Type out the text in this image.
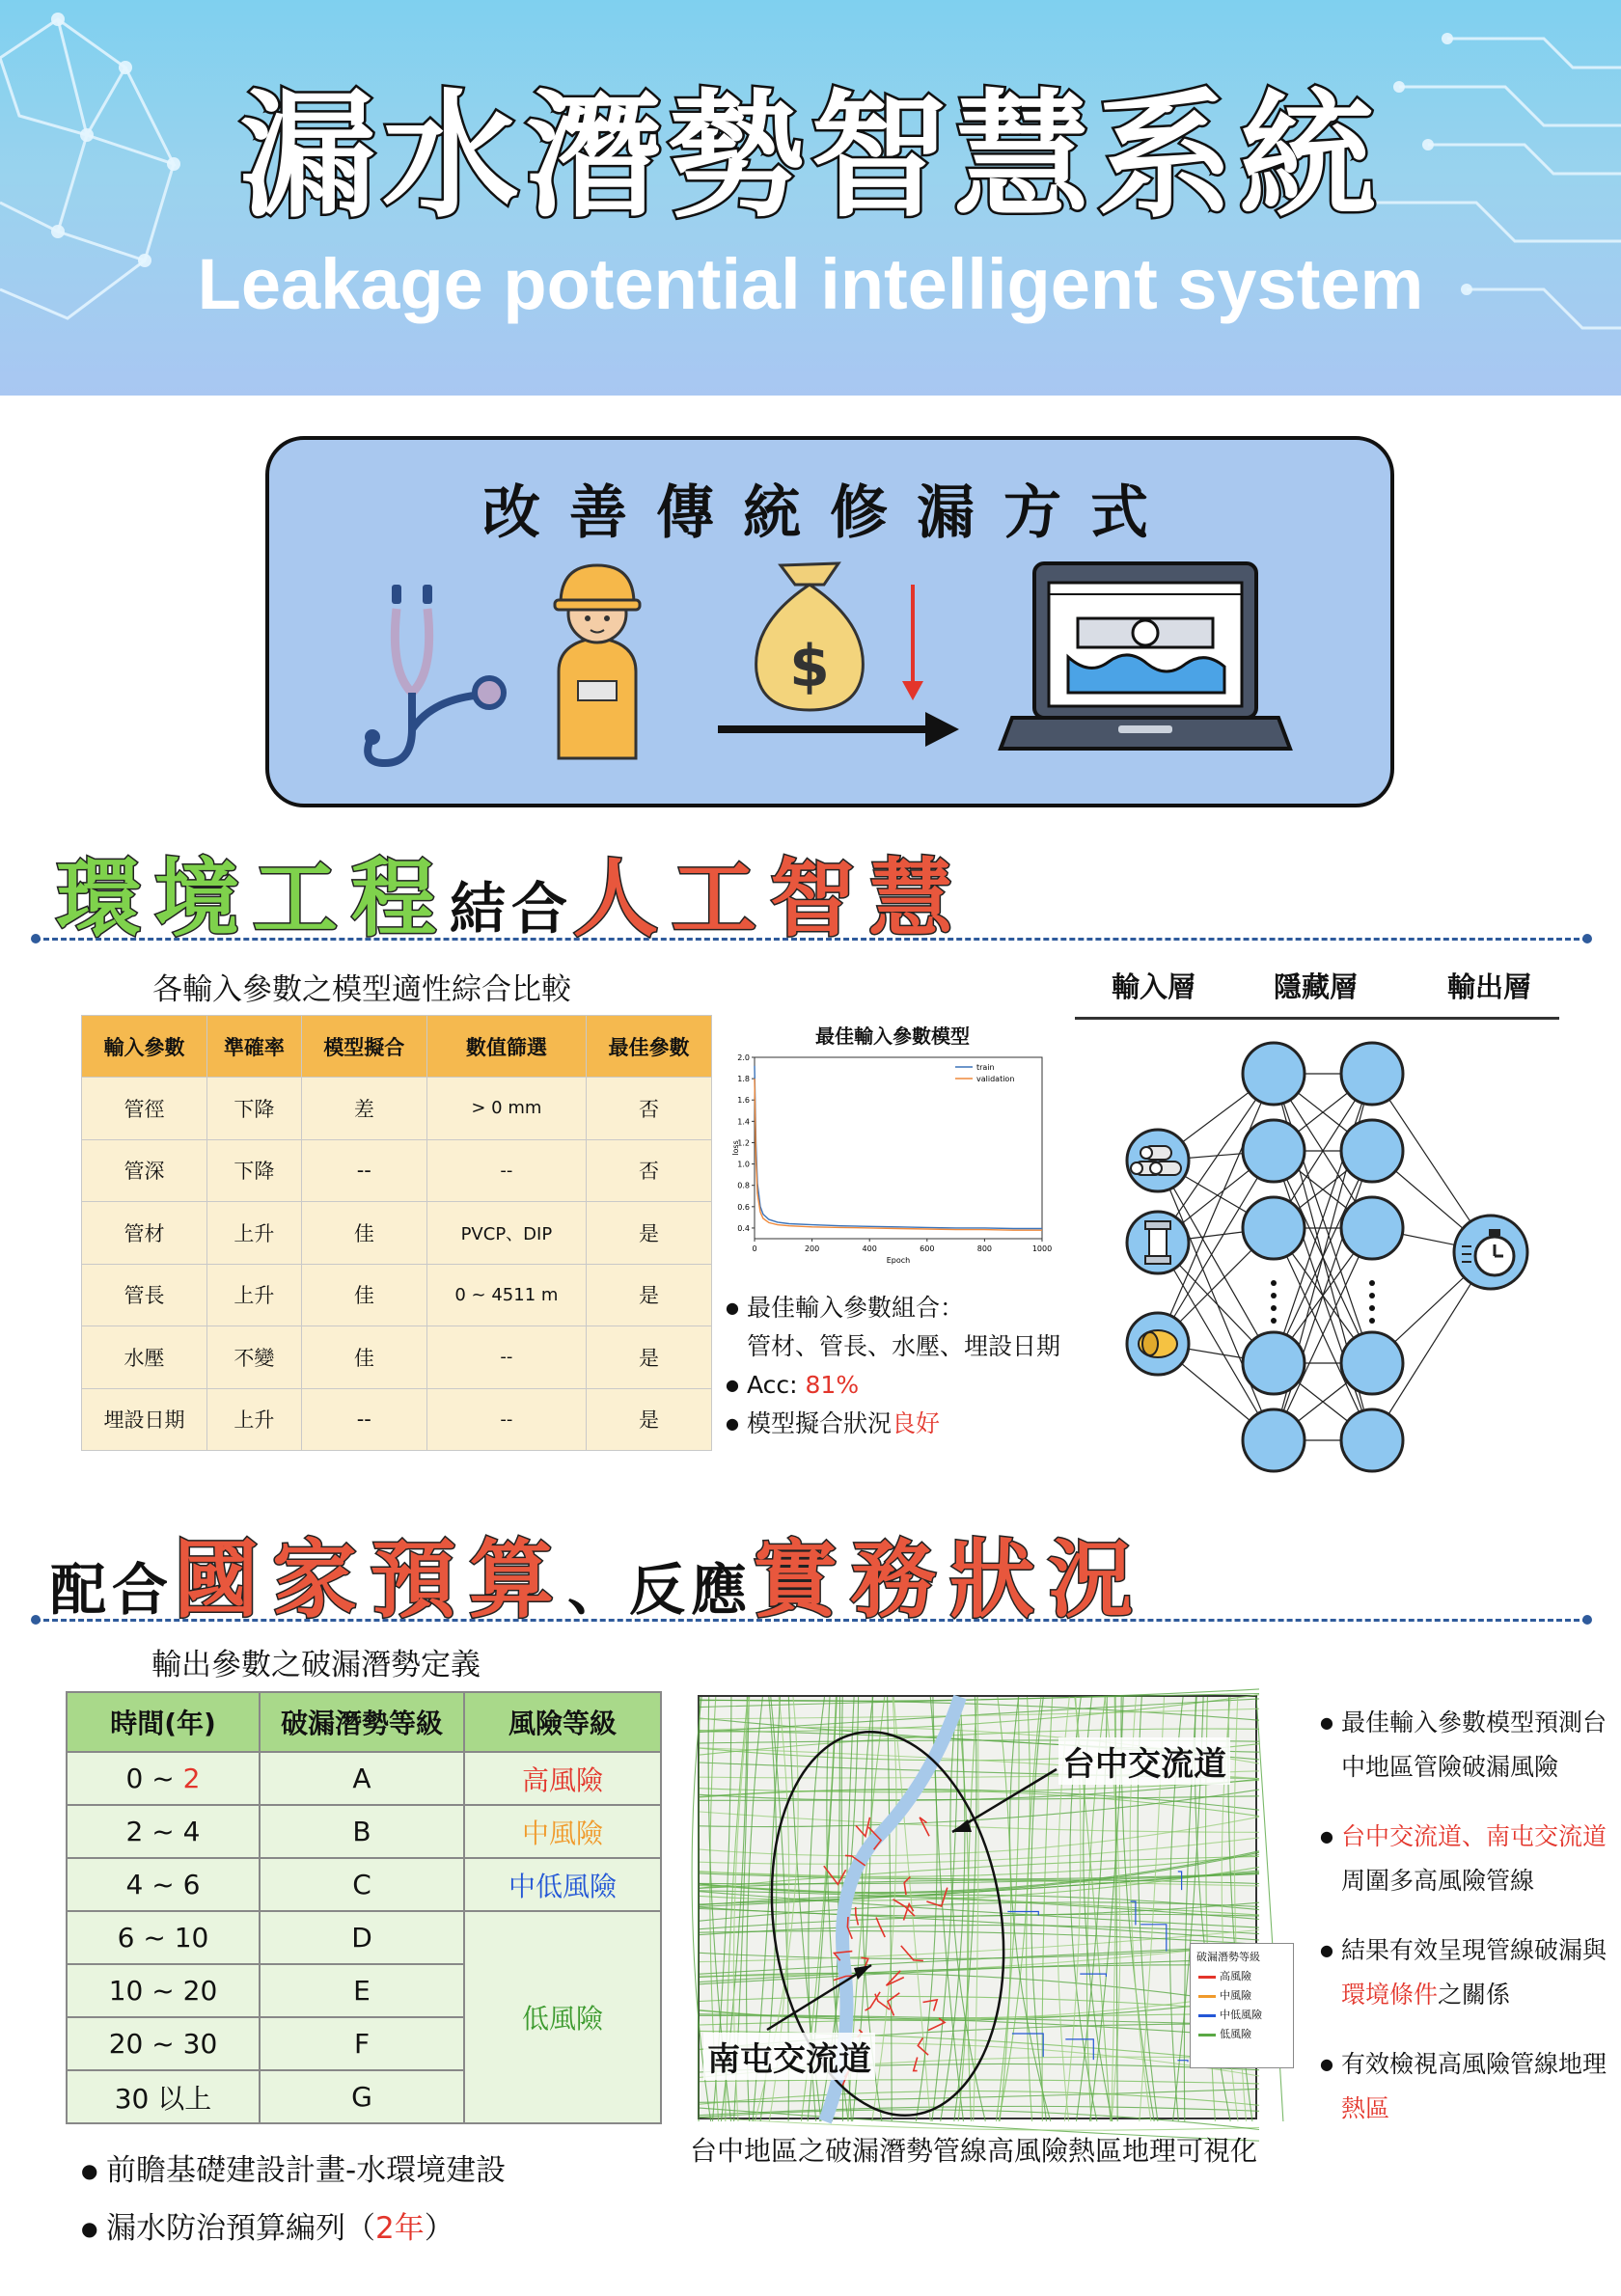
漏水潛勢智慧系統
Leakage potential intelligent system
改善傳統修漏方式
$
環境工程結合人工智慧
各輸入參數之模型適性綜合比較
輸入參數	準確率	模型擬合	數值篩選	最佳參數
管徑	下降	差	> 0 mm	否
管深	下降	--	--	否
管材	上升	佳	PVCP、DIP	是
管長	上升	佳	0 ~ 4511 m	是
水壓	不變	佳	--	是
埋設日期	上升	--	--	是
最佳輸入參數模型
0.4
0.6
0.8
1.0
1.2
1.4
1.6
1.8
2.0
0	200	400	600	800	1000
Epoch
loss
train
validation
● 最佳輸入參數組合：
管材、管長、水壓、埋設日期
● Acc: 81%
● 模型擬合狀況良好
輸入層	隱藏層	輸出層
配合國家預算、反應實務狀況
輸出參數之破漏潛勢定義
時間(年)	破漏潛勢等級	風險等級
0 ~ 2	A	高風險
2 ~ 4	B	中風險
4 ~ 6	C	中低風險
6 ~ 10	D	低風險
10 ~ 20	E	
20 ~ 30	F	
30 以上	G	
台中交流道
南屯交流道
破漏潛勢等級
高風險
中風險
中低風險
低風險
台中地區之破漏潛勢管線高風險熱區地理可視化
● 最佳輸入參數模型預測台中地區管險破漏風險
● 台中交流道、南屯交流道周圍多高風險管線
● 結果有效呈現管線破漏與環境條件之關係
● 有效檢視高風險管線地理熱區
● 前瞻基礎建設計畫-水環境建設
● 漏水防治預算編列（2年）
